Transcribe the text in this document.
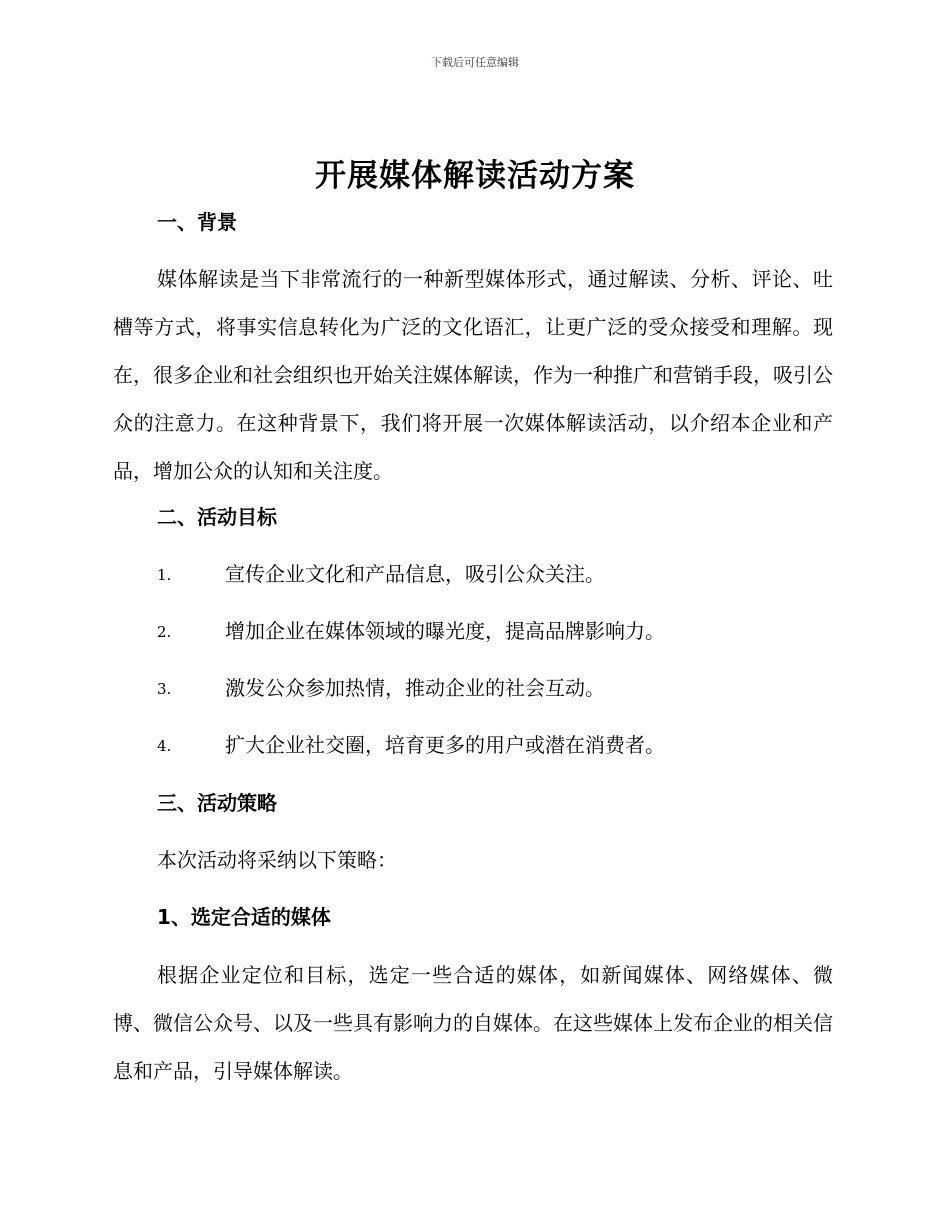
下载后可任意编辑
开展媒体解读活动方案
一、背景
媒体解读是当下非常流行的一种新型媒体形式，通过解读、分析、评论、吐槽等方式，将事实信息转化为广泛的文化语汇，让更广泛的受众接受和理解。现在，很多企业和社会组织也开始关注媒体解读，作为一种推广和营销手段，吸引公众的注意力。在这种背景下，我们将开展一次媒体解读活动，以介绍本企业和产品，增加公众的认知和关注度。
二、活动目标
1.	宣传企业文化和产品信息，吸引公众关注。
2.	增加企业在媒体领域的曝光度，提高品牌影响力。
3.	激发公众参加热情，推动企业的社会互动。
4.	扩大企业社交圈，培育更多的用户或潜在消费者。
三、活动策略
本次活动将采纳以下策略：
1、选定合适的媒体
根据企业定位和目标，选定一些合适的媒体，如新闻媒体、网络媒体、微博、微信公众号、以及一些具有影响力的自媒体。在这些媒体上发布企业的相关信息和产品，引导媒体解读。
